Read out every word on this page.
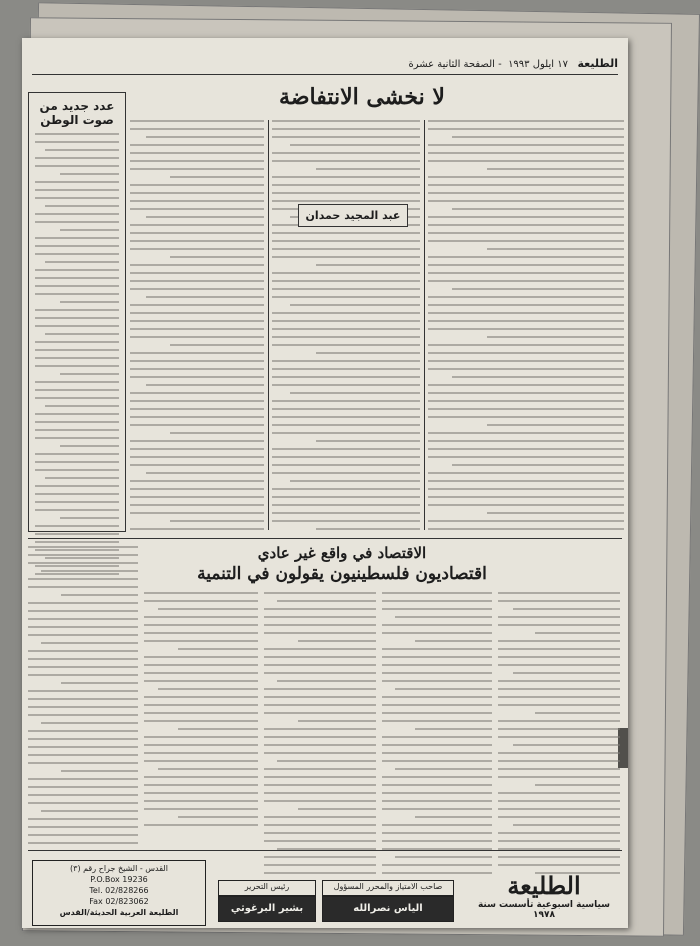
الطليعة   ١٧ ايلول ١٩٩٣  - الصفحة الثانية عشرة
لا نخشى الانتفاضة
عدد جديد من صوت الوطن
عبد المجيد حمدان
الاقتصاد في واقع غير عادي
اقتصاديون فلسطينيون يقولون في التنمية
الطليعة
سياسية اسبوعية تأسست سنة ١٩٧٨
صاحب الامتياز والمحرر المسؤول
الياس نصرالله
رئيس التحرير
بشير البرغوثي
القدس - الشيخ جراح رقم (٣)
P.O.Box 19236
Tel. 02/828266
Fax 02/823062
الطليعة العربية الحديثة/القدس
